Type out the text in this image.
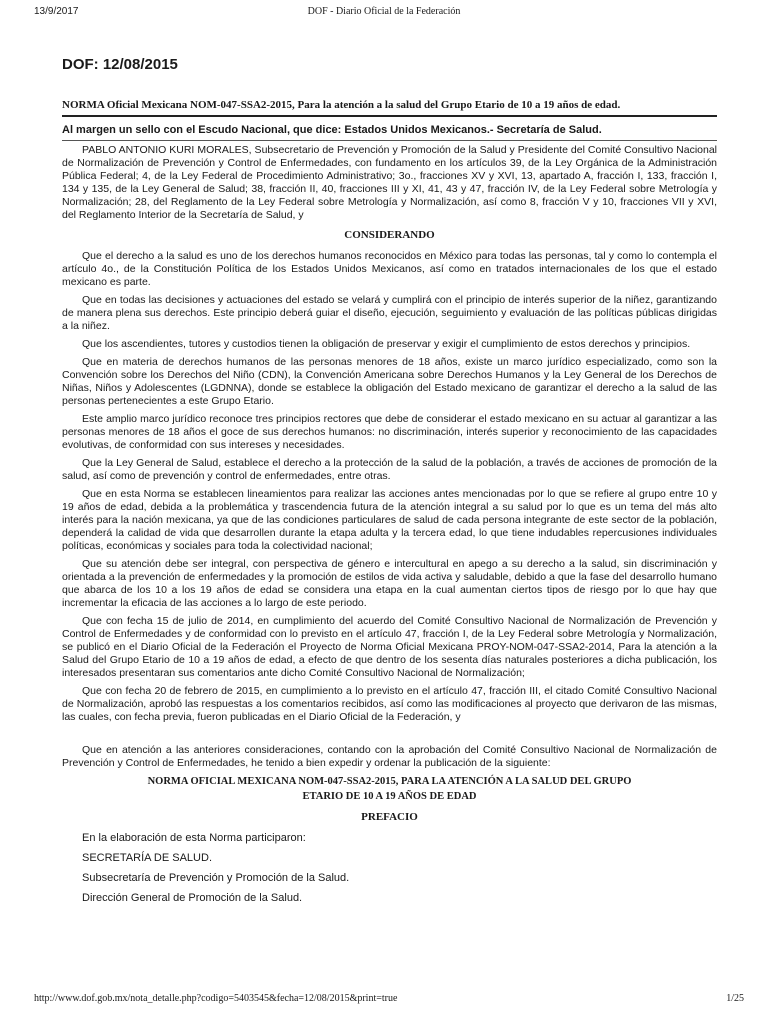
13/9/2017	DOF - Diario Oficial de la Federación
DOF: 12/08/2015
NORMA Oficial Mexicana NOM-047-SSA2-2015, Para la atención a la salud del Grupo Etario de 10 a 19 años de edad.
Al margen un sello con el Escudo Nacional, que dice: Estados Unidos Mexicanos.- Secretaría de Salud.

PABLO ANTONIO KURI MORALES, Subsecretario de Prevención y Promoción de la Salud y Presidente del Comité Consultivo Nacional de Normalización de Prevención y Control de Enfermedades, con fundamento en los artículos 39, de la Ley Orgánica de la Administración Pública Federal; 4, de la Ley Federal de Procedimiento Administrativo; 3o., fracciones XV y XVI, 13, apartado A, fracción I, 133, fracción I, 134 y 135, de la Ley General de Salud; 38, fracción II, 40, fracciones III y XI, 41, 43 y 47, fracción IV, de la Ley Federal sobre Metrología y Normalización; 28, del Reglamento de la Ley Federal sobre Metrología y Normalización, así como 8, fracción V y 10, fracciones VII y XVI, del Reglamento Interior de la Secretaría de Salud, y

CONSIDERANDO

Que el derecho a la salud es uno de los derechos humanos reconocidos en México para todas las personas, tal y como lo contempla el artículo 4o., de la Constitución Política de los Estados Unidos Mexicanos, así como en tratados internacionales de los que el estado mexicano es parte.

Que en todas las decisiones y actuaciones del estado se velará y cumplirá con el principio de interés superior de la niñez, garantizando de manera plena sus derechos. Este principio deberá guiar el diseño, ejecución, seguimiento y evaluación de las políticas públicas dirigidas a la niñez.

Que los ascendientes, tutores y custodios tienen la obligación de preservar y exigir el cumplimiento de estos derechos y principios.

Que en materia de derechos humanos de las personas menores de 18 años, existe un marco jurídico especializado, como son la Convención sobre los Derechos del Niño (CDN), la Convención Americana sobre Derechos Humanos y la Ley General de los Derechos de Niñas, Niños y Adolescentes (LGDNNA), donde se establece la obligación del Estado mexicano de garantizar el derecho a la salud de las personas pertenecientes a este Grupo Etario.

Este amplio marco jurídico reconoce tres principios rectores que debe de considerar el estado mexicano en su actuar al garantizar a las personas menores de 18 años el goce de sus derechos humanos: no discriminación, interés superior y reconocimiento de las capacidades evolutivas, de conformidad con sus intereses y necesidades.

Que la Ley General de Salud, establece el derecho a la protección de la salud de la población, a través de acciones de promoción de la salud, así como de prevención y control de enfermedades, entre otras.

Que en esta Norma se establecen lineamientos para realizar las acciones antes mencionadas por lo que se refiere al grupo entre 10 y 19 años de edad, debida a la problemática y trascendencia futura de la atención integral a su salud por lo que es un tema del más alto interés para la nación mexicana, ya que de las condiciones particulares de salud de cada persona integrante de este sector de la población, dependerá la calidad de vida que desarrollen durante la etapa adulta y la tercera edad, lo que tiene indudables repercusiones individuales políticas, económicas y sociales para toda la colectividad nacional;

Que su atención debe ser integral, con perspectiva de género e intercultural en apego a su derecho a la salud, sin discriminación y orientada a la prevención de enfermedades y la promoción de estilos de vida activa y saludable, debido a que la fase del desarrollo humano que abarca de los 10 a los 19 años de edad se considera una etapa en la cual aumentan ciertos tipos de riesgo por lo que hay que incrementar la eficacia de las acciones a lo largo de este periodo.

Que con fecha 15 de julio de 2014, en cumplimiento del acuerdo del Comité Consultivo Nacional de Normalización de Prevención y Control de Enfermedades y de conformidad con lo previsto en el artículo 47, fracción I, de la Ley Federal sobre Metrología y Normalización, se publicó en el Diario Oficial de la Federación el Proyecto de Norma Oficial Mexicana PROY-NOM-047-SSA2-2014, Para la atención a la Salud del Grupo Etario de 10 a 19 años de edad, a efecto de que dentro de los sesenta días naturales posteriores a dicha publicación, los interesados presentaran sus comentarios ante dicho Comité Consultivo Nacional de Normalización;

Que con fecha 20 de febrero de 2015, en cumplimiento a lo previsto en el artículo 47, fracción III, el citado Comité Consultivo Nacional de Normalización, aprobó las respuestas a los comentarios recibidos, así como las modificaciones al proyecto que derivaron de las mismas, las cuales, con fecha previa, fueron publicadas en el Diario Oficial de la Federación, y

Que en atención a las anteriores consideraciones, contando con la aprobación del Comité Consultivo Nacional de Normalización de Prevención y Control de Enfermedades, he tenido a bien expedir y ordenar la publicación de la siguiente:

NORMA OFICIAL MEXICANA NOM-047-SSA2-2015, PARA LA ATENCIÓN A LA SALUD DEL GRUPO
ETARIO DE 10 A 19 AÑOS DE EDAD
PREFACIO
En la elaboración de esta Norma participaron:
SECRETARÍA DE SALUD.
Subsecretaría de Prevención y Promoción de la Salud.
Dirección General de Promoción de la Salud.
http://www.dof.gob.mx/nota_detalle.php?codigo=5403545&fecha=12/08/2015&print=true	1/25
